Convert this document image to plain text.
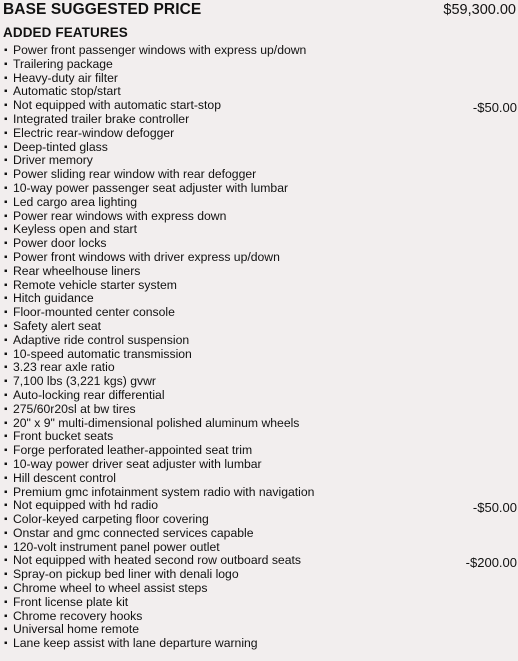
BASE SUGGESTED PRICE	$59,300.00
ADDED FEATURES
▪ Power front passenger windows with express up/down
▪ Trailering package
▪ Heavy-duty air filter
▪ Automatic stop/start
▪ Not equipped with automatic start-stop	-$50.00
▪ Integrated trailer brake controller
▪ Electric rear-window defogger
▪ Deep-tinted glass
▪ Driver memory
▪ Power sliding rear window with rear defogger
▪ 10-way power passenger seat adjuster with lumbar
▪ Led cargo area lighting
▪ Power rear windows with express down
▪ Keyless open and start
▪ Power door locks
▪ Power front windows with driver express up/down
▪ Rear wheelhouse liners
▪ Remote vehicle starter system
▪ Hitch guidance
▪ Floor-mounted center console
▪ Safety alert seat
▪ Adaptive ride control suspension
▪ 10-speed automatic transmission
▪ 3.23 rear axle ratio
▪ 7,100 lbs (3,221 kgs) gvwr
▪ Auto-locking rear differential
▪ 275/60r20sl at bw tires
▪ 20" x 9" multi-dimensional polished aluminum wheels
▪ Front bucket seats
▪ Forge perforated leather-appointed seat trim
▪ 10-way power driver seat adjuster with lumbar
▪ Hill descent control
▪ Premium gmc infotainment system radio with navigation
▪ Not equipped with hd radio	-$50.00
▪ Color-keyed carpeting floor covering
▪ Onstar and gmc connected services capable
▪ 120-volt instrument panel power outlet
▪ Not equipped with heated second row outboard seats	-$200.00
▪ Spray-on pickup bed liner with denali logo
▪ Chrome wheel to wheel assist steps
▪ Front license plate kit
▪ Chrome recovery hooks
▪ Universal home remote
▪ Lane keep assist with lane departure warning
